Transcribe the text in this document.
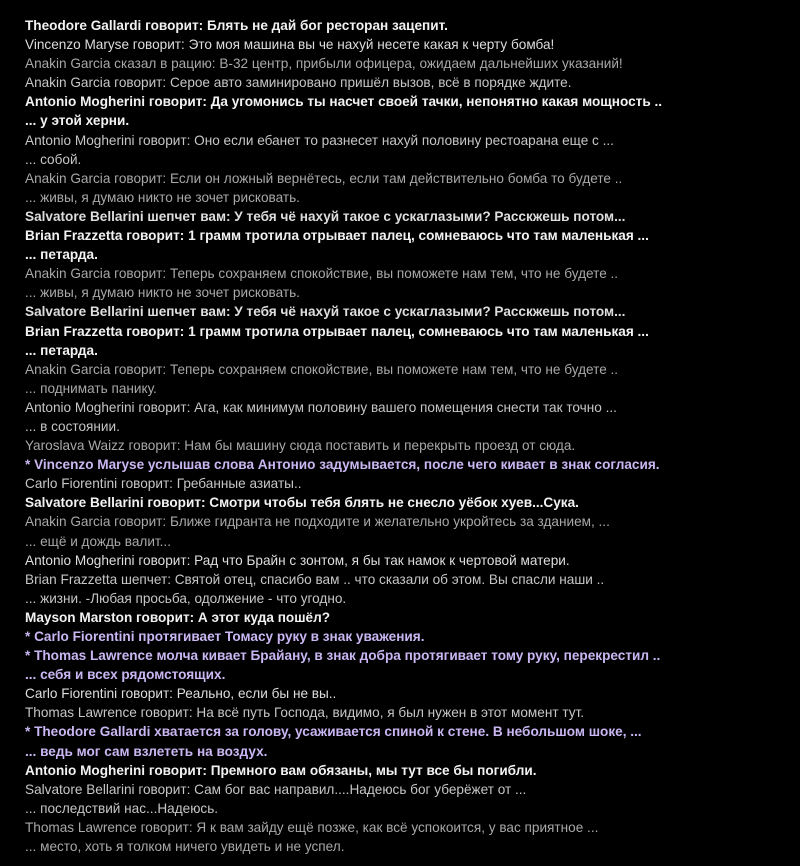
Theodore Gallardi говорит: Блять не дай бог ресторан зацепит.
Vincenzo Maryse говорит: Это моя машина вы че нахуй несете какая к черту бомба!
Anakin Garcia сказал в рацию: В-32 центр, прибыли офицера, ожидаем дальнейших указаний!
Anakin Garcia говорит: Серое авто заминировано пришёл вызов, всё в порядке ждите.
Antonio Mogherini говорит: Да угомонись ты насчет своей тачки, непонятно какая мощность ..
... у этой херни.
Antonio Mogherini говорит: Оно если ебанет то разнесет нахуй половину рестоарана еще с ...
... собой.
Anakin Garcia говорит: Если он ложный вернётесь, если там действительно бомба то будете ..
... живы, я думаю никто не зочет рисковать.
Salvatore Bellarini шепчет вам: У тебя чё нахуй такое с ускаглазыми? Расскжешь потом...
Brian Frazzetta говорит: 1 грамм тротила отрывает палец, сомневаюсь что там маленькая ...
... петарда.
Anakin Garcia говорит: Теперь сохраняем спокойствие, вы поможете нам тем, что не будете ..
... живы, я думаю никто не зочет рисковать.
Salvatore Bellarini шепчет вам: У тебя чё нахуй такое с ускаглазыми? Расскжешь потом...
Brian Frazzetta говорит: 1 грамм тротила отрывает палец, сомневаюсь что там маленькая ...
... петарда.
Anakin Garcia говорит: Теперь сохраняем спокойствие, вы поможете нам тем, что не будете ..
... поднимать панику.
Antonio Mogherini говорит: Ага, как минимум половину вашего помещения снести так точно ...
... в состоянии.
Yaroslava Waizz говорит: Нам бы машину сюда поставить и перекрыть проезд от сюда.
* Vincenzo Maryse услышав слова Антонио задумывается, после чего кивает в знак согласия.
Carlo Fiorentini говорит: Гребанные азиаты..
Salvatore Bellarini говорит: Смотри чтобы тебя блять не снесло уёбок хуев...Сука.
Anakin Garcia говорит: Ближе гидранта не подходите и желательно укройтесь за зданием, ...
... ещё и дождь валит...
Antonio Mogherini говорит: Рад что Брайн с зонтом, я бы так намок к чертовой матери.
Brian Frazzetta шепчет: Святой отец, спасибо вам .. что сказали об этом. Вы спасли наши ..
... жизни. -Любая просьба, одолжение - что угодно.
Mayson Marston говорит: А этот куда пошёл?
* Carlo Fiorentini протягивает Томасу руку в знак уважения.
* Thomas Lawrence молча кивает Брайану, в знак добра протягивает тому руку, перекрестил ..
... себя и всех рядомстоящих.
Carlo Fiorentini говорит: Реально, если бы не вы..
Thomas Lawrence говорит: На всё путь Господа, видимо, я был нужен в этот момент тут.
* Theodore Gallardi хватается за голову, усаживается спиной к стене. В небольшом шоке, ...
... ведь мог сам взлететь на воздух.
Antonio Mogherini говорит: Премного вам обязаны, мы тут все бы погибли.
Salvatore Bellarini говорит: Сам бог вас направил....Надеюсь бог уберёжет от ...
... последствий нас...Надеюсь.
Thomas Lawrence говорит: Я к вам зайду ещё позже, как всё успокоится, у вас приятное ...
... место, хоть я толком ничего увидеть и не успел.
